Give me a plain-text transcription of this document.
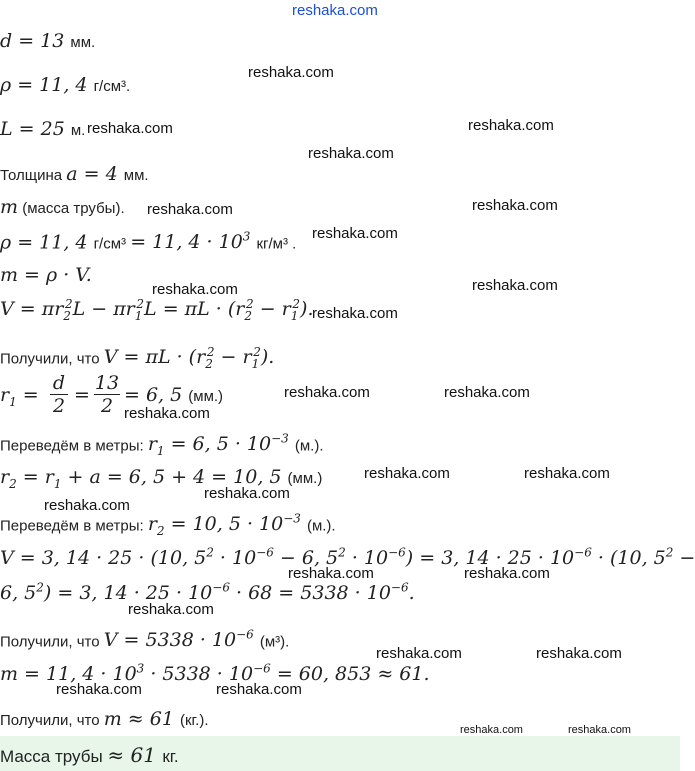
reshaka.com
d = 13 мм.
ρ = 11, 4 г/см³.
L = 25 м.
Толщина a = 4 мм.
m (масса трубы).
ρ = 11, 4 г/см³ = 11, $4 \cdot 10^3$ кг/м³ .
m = ρ · V.
$V = \pi r_2^2L - \pi r_1^2L = \pi L \cdot (r_2^2 - r_1^2)$.
Получили, что $V = \pi L \cdot (r_2^2 - r_1^2)$.
$r_1$ =
d
2 =
13
2 = 6, 5 (мм.)
Переведём в метры: $r_1 = 6$, $5 \cdot 10^{-3}$ (м.).
$r_2 = r_1 + a = 6$, 5 + 4 = 10, 5 (мм.)
Переведём в метры: $r_2 = 10$, $5 \cdot 10^{-3}$ (м.).
V = 3, 14 · 25 · (10, $5^2 \cdot 10^{-6} - 6$, $5^2 \cdot 10^{-6}) = 3$, $14 \cdot 25 \cdot 10^{-6} \cdot (10$, $5^2$ −
6, $5^2) = 3$, $14 \cdot 25 \cdot 10^{-6} \cdot 68 = 5338 \cdot 10^{-6}$.
Получили, что $V = 5338 \cdot 10^{-6}$ (м³).
m = 11, $4 \cdot 10^3 \cdot 5338 \cdot 10^{-6} = 60$, 853 ≈ 61.
Получили, что m ≈ 61 (кг.).
Масса трубы ≈ 61 кг.
reshaka.com
reshaka.com	reshaka.com
reshaka.com
reshaka.com	reshaka.com
reshaka.com
reshaka.com	reshaka.com
reshaka.com
reshaka.com	reshaka.com
reshaka.com
reshaka.com	reshaka.com
reshaka.com
reshaka.com
reshaka.com	reshaka.com
reshaka.com
reshaka.com	reshaka.com
reshaka.com	reshaka.com
reshaka.com	reshaka.com
